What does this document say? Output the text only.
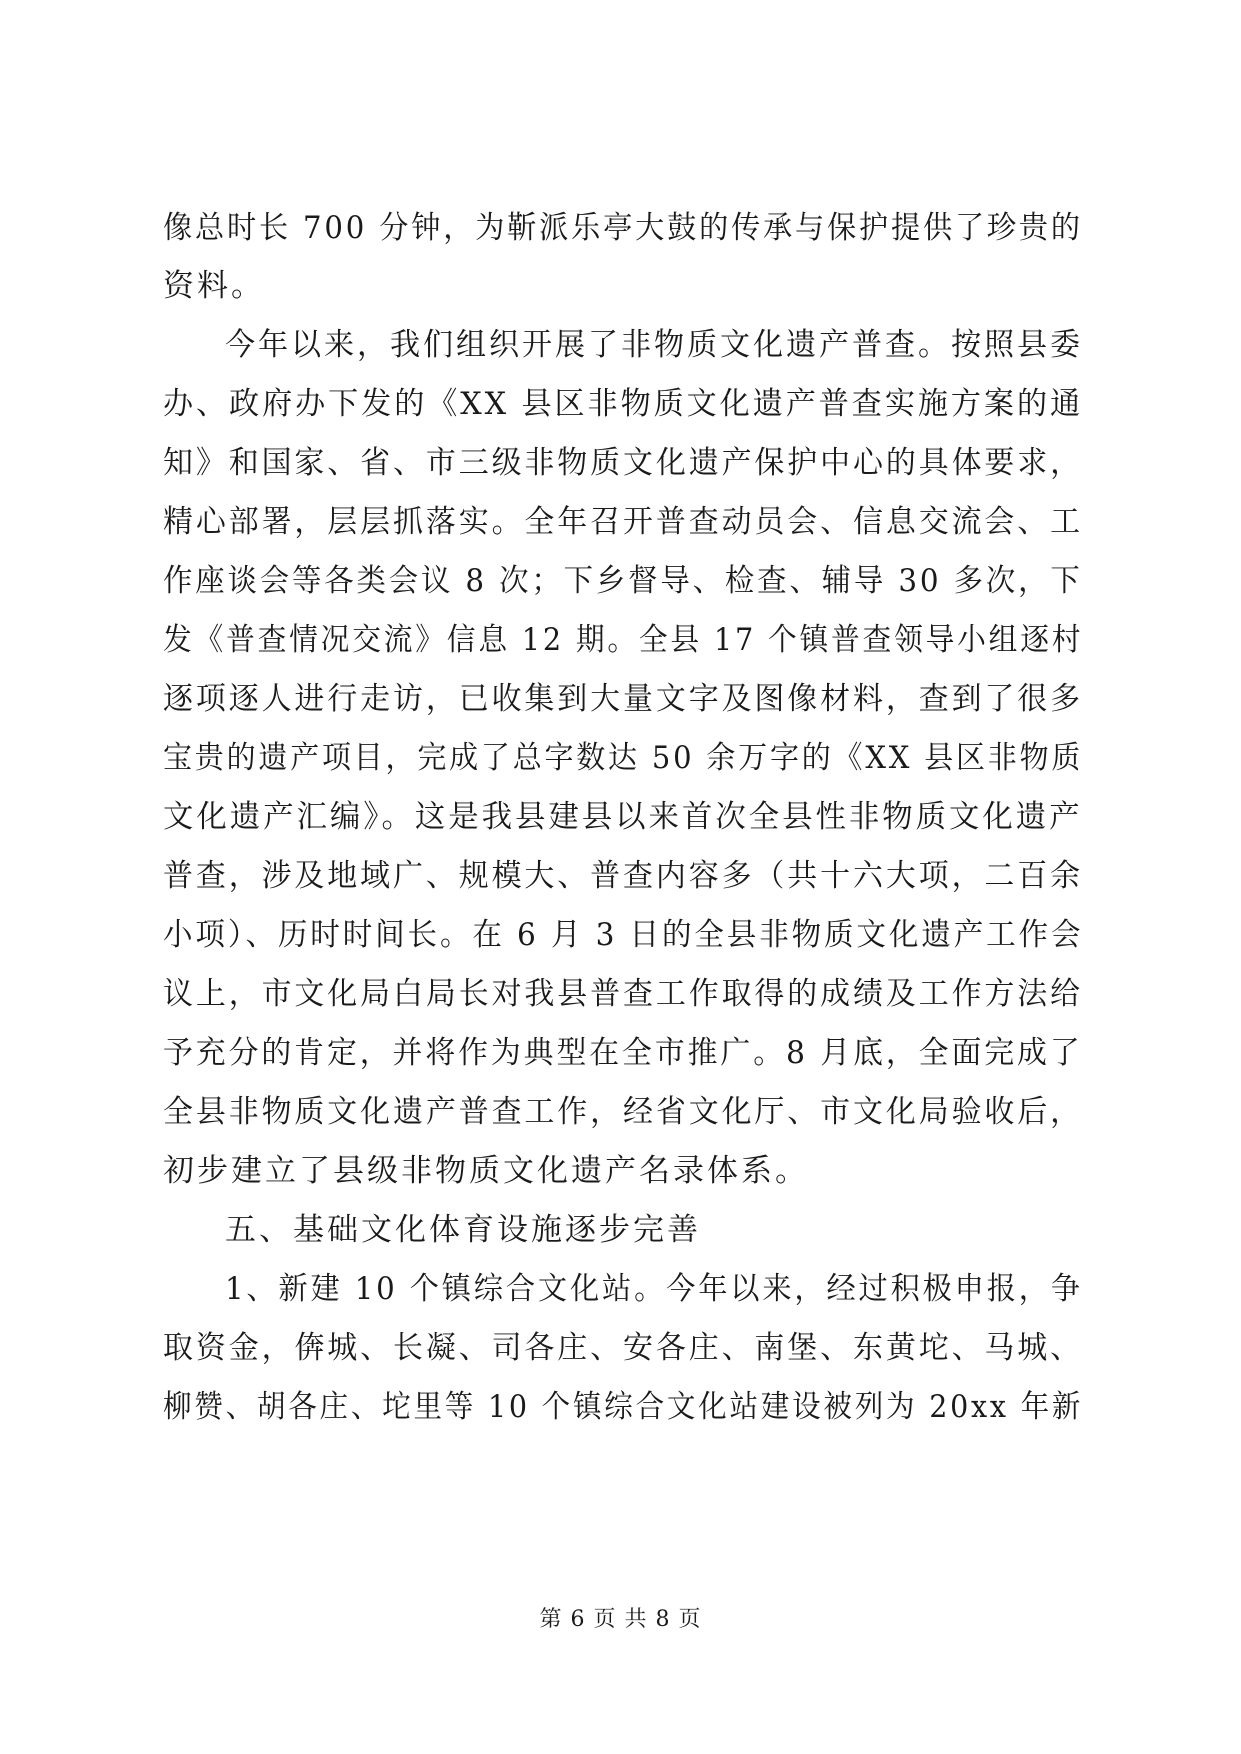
像总时长 700 分钟，为靳派乐亭大鼓的传承与保护提供了珍贵的
资料。
今年以来，我们组织开展了非物质文化遗产普查。按照县委
办、政府办下发的《XX 县区非物质文化遗产普查实施方案的通
知》和国家、省、市三级非物质文化遗产保护中心的具体要求，
精心部署，层层抓落实。全年召开普查动员会、信息交流会、工
作座谈会等各类会议 8 次；下乡督导、检查、辅导 30 多次，下
发《普查情况交流》信息 12 期。全县 17 个镇普查领导小组逐村
逐项逐人进行走访，已收集到大量文字及图像材料，查到了很多
宝贵的遗产项目，完成了总字数达 50 余万字的《XX 县区非物质
文化遗产汇编》。这是我县建县以来首次全县性非物质文化遗产
普查，涉及地域广、规模大、普查内容多（共十六大项，二百余
小项）、历时时间长。在 6 月 3 日的全县非物质文化遗产工作会
议上，市文化局白局长对我县普查工作取得的成绩及工作方法给
予充分的肯定，并将作为典型在全市推广。8 月底，全面完成了
全县非物质文化遗产普查工作，经省文化厅、市文化局验收后，
初步建立了县级非物质文化遗产名录体系。
五、基础文化体育设施逐步完善
1、新建 10 个镇综合文化站。今年以来，经过积极申报，争
取资金，倴城、长凝、司各庄、安各庄、南堡、东黄坨、马城、
柳赞、胡各庄、坨里等 10 个镇综合文化站建设被列为 20xx 年新
第 6 页 共 8 页
